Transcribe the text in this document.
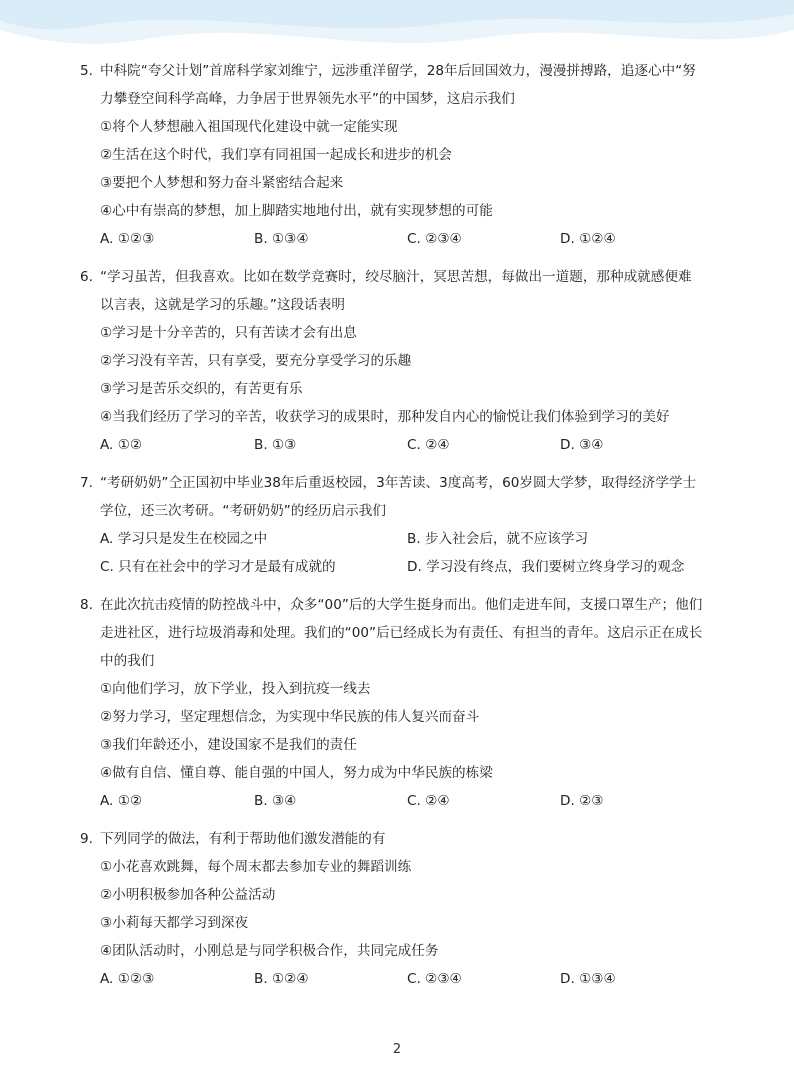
5. 中科院“夸父计划”首席科学家刘维宁，远涉重洋留学，28年后回国效力，漫漫拼搏路，追逐心中“努
力攀登空间科学高峰，力争居于世界领先水平”的中国梦，这启示我们
①将个人梦想融入祖国现代化建设中就一定能实现
②生活在这个时代，我们享有同祖国一起成长和进步的机会
③要把个人梦想和努力奋斗紧密结合起来
④心中有崇高的梦想，加上脚踏实地地付出，就有实现梦想的可能
A. ①②③	B. ①③④	C. ②③④	D. ①②④
6. “学习虽苦，但我喜欢。比如在数学竞赛时，绞尽脑汁，冥思苦想，每做出一道题，那种成就感便难
以言表，这就是学习的乐趣。”这段话表明
①学习是十分辛苦的，只有苦读才会有出息
②学习没有辛苦，只有享受，要充分享受学习的乐趣
③学习是苦乐交织的，有苦更有乐
④当我们经历了学习的辛苦，收获学习的成果时，那种发自内心的愉悦让我们体验到学习的美好
A. ①②	B. ①③	C. ②④	D. ③④
7. “考研奶奶”仝正国初中毕业38年后重返校园，3年苦读、3度高考，60岁圆大学梦，取得经济学学士
学位，还三次考研。“考研奶奶”的经历启示我们
A. 学习只是发生在校园之中	B. 步入社会后，就不应该学习
C. 只有在社会中的学习才是最有成就的	D. 学习没有终点，我们要树立终身学习的观念
8. 在此次抗击疫情的防控战斗中，众多“00”后的大学生挺身而出。他们走进车间，支援口罩生产；他们
走进社区，进行垃圾消毒和处理。我们的“00”后已经成长为有责任、有担当的青年。这启示正在成长
中的我们
①向他们学习，放下学业，投入到抗疫一线去
②努力学习，坚定理想信念，为实现中华民族的伟人复兴而奋斗
③我们年龄还小，建设国家不是我们的责任
④做有自信、懂自尊、能自强的中国人，努力成为中华民族的栋梁
A. ①②	B. ③④	C. ②④	D. ②③
9. 下列同学的做法，有利于帮助他们激发潜能的有
①小花喜欢跳舞，每个周末都去参加专业的舞蹈训练
②小明积极参加各种公益活动
③小莉每天都学习到深夜
④团队活动时，小刚总是与同学积极合作，共同完成任务
A. ①②③	B. ①②④	C. ②③④	D. ①③④
2
